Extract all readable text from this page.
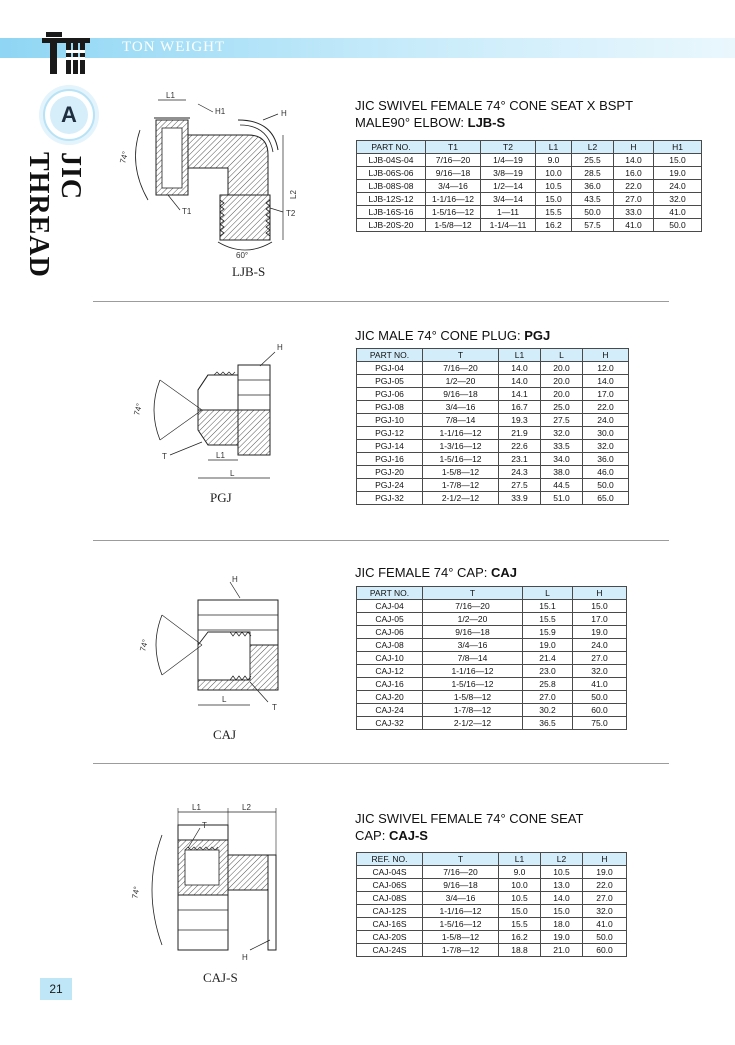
TON WEIGHT
A
JIC THREAD
L1
H1	H
74°
L2
T1	T2
60°
LJB-S
JIC SWIVEL FEMALE 74° CONE SEAT X BSPT
MALE90° ELBOW: LJB-S
PART NO.	T1	T2	L1	L2	H	H1
LJB-04S-04	7/16—20	1/4—19	9.0	25.5	14.0	15.0
LJB-06S-06	9/16—18	3/8—19	10.0	28.5	16.0	19.0
LJB-08S-08	3/4—16	1/2—14	10.5	36.0	22.0	24.0
LJB-12S-12	1-1/16—12	3/4—14	15.0	43.5	27.0	32.0
LJB-16S-16	1-5/16—12	1—11	15.5	50.0	33.0	41.0
LJB-20S-20	1-5/8—12	1-1/4—11	16.2	57.5	41.0	50.0
H
74°
T	L1
L
PGJ
JIC MALE 74° CONE PLUG: PGJ
PART NO.	T	L1	L	H
PGJ-04	7/16—20	14.0	20.0	12.0
PGJ-05	1/2—20	14.0	20.0	14.0
PGJ-06	9/16—18	14.1	20.0	17.0
PGJ-08	3/4—16	16.7	25.0	22.0
PGJ-10	7/8—14	19.3	27.5	24.0
PGJ-12	1-1/16—12	21.9	32.0	30.0
PGJ-14	1-3/16—12	22.6	33.5	32.0
PGJ-16	1-5/16—12	23.1	34.0	36.0
PGJ-20	1-5/8—12	24.3	38.0	46.0
PGJ-24	1-7/8—12	27.5	44.5	50.0
PGJ-32	2-1/2—12	33.9	51.0	65.0
H
74°
L
T
CAJ
JIC FEMALE 74° CAP: CAJ
PART NO.	T	L	H
CAJ-04	7/16—20	15.1	15.0
CAJ-05	1/2—20	15.5	17.0
CAJ-06	9/16—18	15.9	19.0
CAJ-08	3/4—16	19.0	24.0
CAJ-10	7/8—14	21.4	27.0
CAJ-12	1-1/16—12	23.0	32.0
CAJ-16	1-5/16—12	25.8	41.0
CAJ-20	1-5/8—12	27.0	50.0
CAJ-24	1-7/8—12	30.2	60.0
CAJ-32	2-1/2—12	36.5	75.0
L1	L2
T
74°
H
CAJ-S
JIC SWIVEL FEMALE 74° CONE SEAT
CAP: CAJ-S
REF. NO.	T	L1	L2	H
CAJ-04S	7/16—20	9.0	10.5	19.0
CAJ-06S	9/16—18	10.0	13.0	22.0
CAJ-08S	3/4—16	10.5	14.0	27.0
CAJ-12S	1-1/16—12	15.0	15.0	32.0
CAJ-16S	1-5/16—12	15.5	18.0	41.0
CAJ-20S	1-5/8—12	16.2	19.0	50.0
CAJ-24S	1-7/8—12	18.8	21.0	60.0
21
